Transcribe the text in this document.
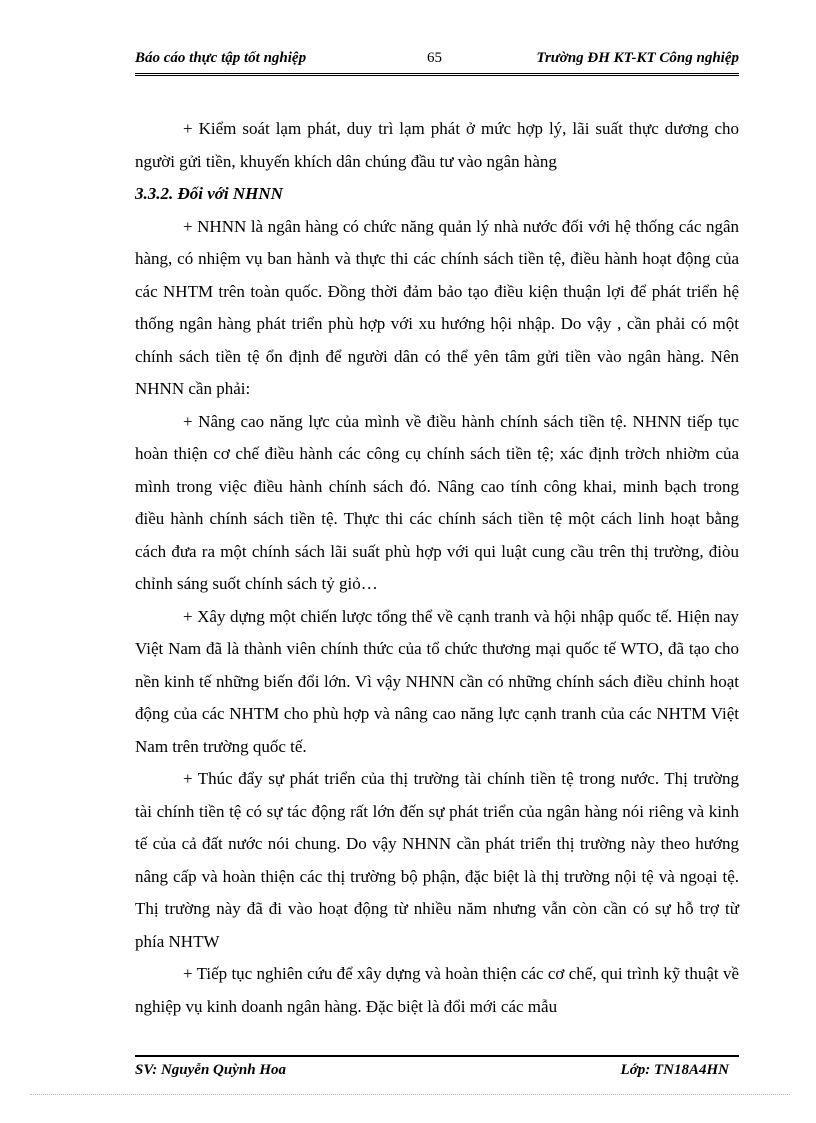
Báo cáo thực tập tốt nghiệp	65	Trường ĐH KT-KT Công nghiệp

+ Kiểm soát lạm phát, duy trì lạm phát ở mức hợp lý, lãi suất thực dương cho người gửi tiền, khuyến khích dân chúng đầu tư vào ngân hàng

3.3.2. Đối với NHNN

+ NHNN là ngân hàng có chức năng quản lý nhà nước đối với hệ thống các ngân hàng, có nhiệm vụ ban hành và thực thi các chính sách tiền tệ, điều hành hoạt động của các NHTM trên toàn quốc. Đồng thời đảm bảo tạo điều kiện thuận lợi để phát triển hệ thống ngân hàng phát triển phù hợp với xu hướng hội nhập. Do vậy , cần phải có một chính sách tiền tệ ổn định để người dân có thể yên tâm gửi tiền vào ngân hàng. Nên NHNN cần phải:

+ Nâng cao năng lực của mình về điều hành chính sách tiền tệ. NHNN tiếp tục hoàn thiện cơ chế điều hành các công cụ chính sách tiền tệ; xác định trờch nhiờm của mình trong việc điều hành chính sách đó. Nâng cao tính công khai, minh bạch trong điều hành chính sách tiền tệ. Thực thi các chính sách tiền tệ một cách linh hoạt bằng cách đưa ra một chính sách lãi suất phù hợp với qui luật cung cầu trên thị trường, điòu chỉnh sáng suốt chính sách tỷ giỏ…

+ Xây dựng một chiến lược tổng thể về cạnh tranh và hội nhập quốc tế. Hiện nay Việt Nam đã là thành viên chính thức của tổ chức thương mại quốc tế WTO, đã tạo cho nền kinh tế những biến đổi lớn. Vì vậy NHNN cần có những chính sách điều chỉnh hoạt động của các NHTM cho phù hợp và nâng cao năng lực cạnh tranh của các NHTM Việt Nam trên trường quốc tế.

+ Thúc đẩy sự phát triển của thị trường tài chính tiền tệ trong nước. Thị trường tài chính tiền tệ có sự tác động rất lớn đến sự phát triển của ngân hàng nói riêng và kinh tế của cả đất nước nói chung. Do vậy NHNN cần phát triển thị trường này theo hướng nâng cấp và hoàn thiện các thị trường bộ phận, đặc biệt là thị trường nội tệ và ngoại tệ. Thị trường này đã đi vào hoạt động từ nhiều năm nhưng vẫn còn cần có sự hỗ trợ từ phía NHTW

+ Tiếp tục nghiên cứu để xây dựng và hoàn thiện các cơ chế, qui trình kỹ thuật về nghiệp vụ kinh doanh ngân hàng. Đặc biệt là đổi mới các mẫu

SV: Nguyễn Quỳnh Hoa	Lớp: TN18A4HN
